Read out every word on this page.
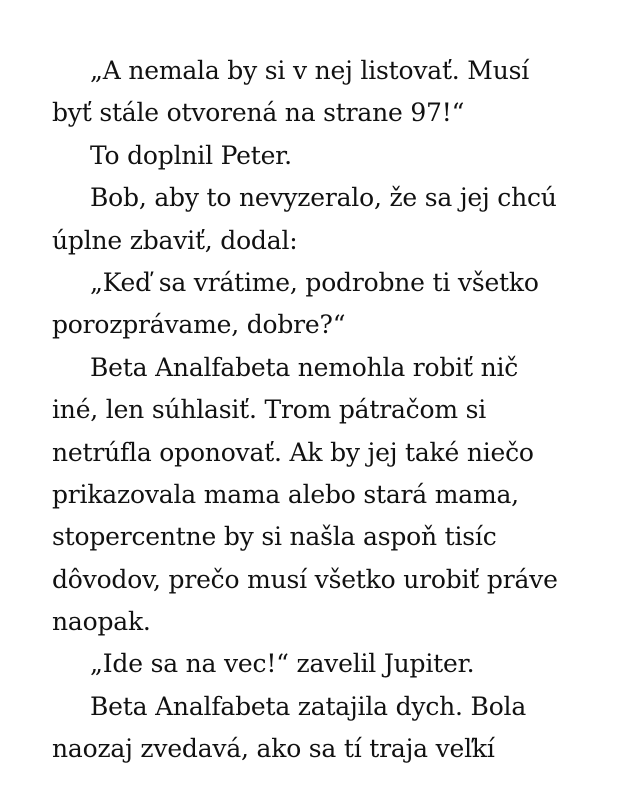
„A nemala by si v nej listovať. Musí
byť stále otvorená na strane 97!“
To doplnil Peter.
Bob, aby to nevyzeralo, že sa jej chcú
úplne zbaviť, dodal:
„Keď sa vrátime, podrobne ti všetko
porozprávame, dobre?“
Beta Analfabeta nemohla robiť nič
iné, len súhlasiť. Trom pátračom si
netrúfla oponovať. Ak by jej také niečo
prikazovala mama alebo stará mama,
stopercentne by si našla aspoň tisíc
dôvodov, prečo musí všetko urobiť práve
naopak.
„Ide sa na vec!“ zavelil Jupiter.
Beta Analfabeta zatajila dych. Bola
naozaj zvedavá, ako sa tí traja veľkí
